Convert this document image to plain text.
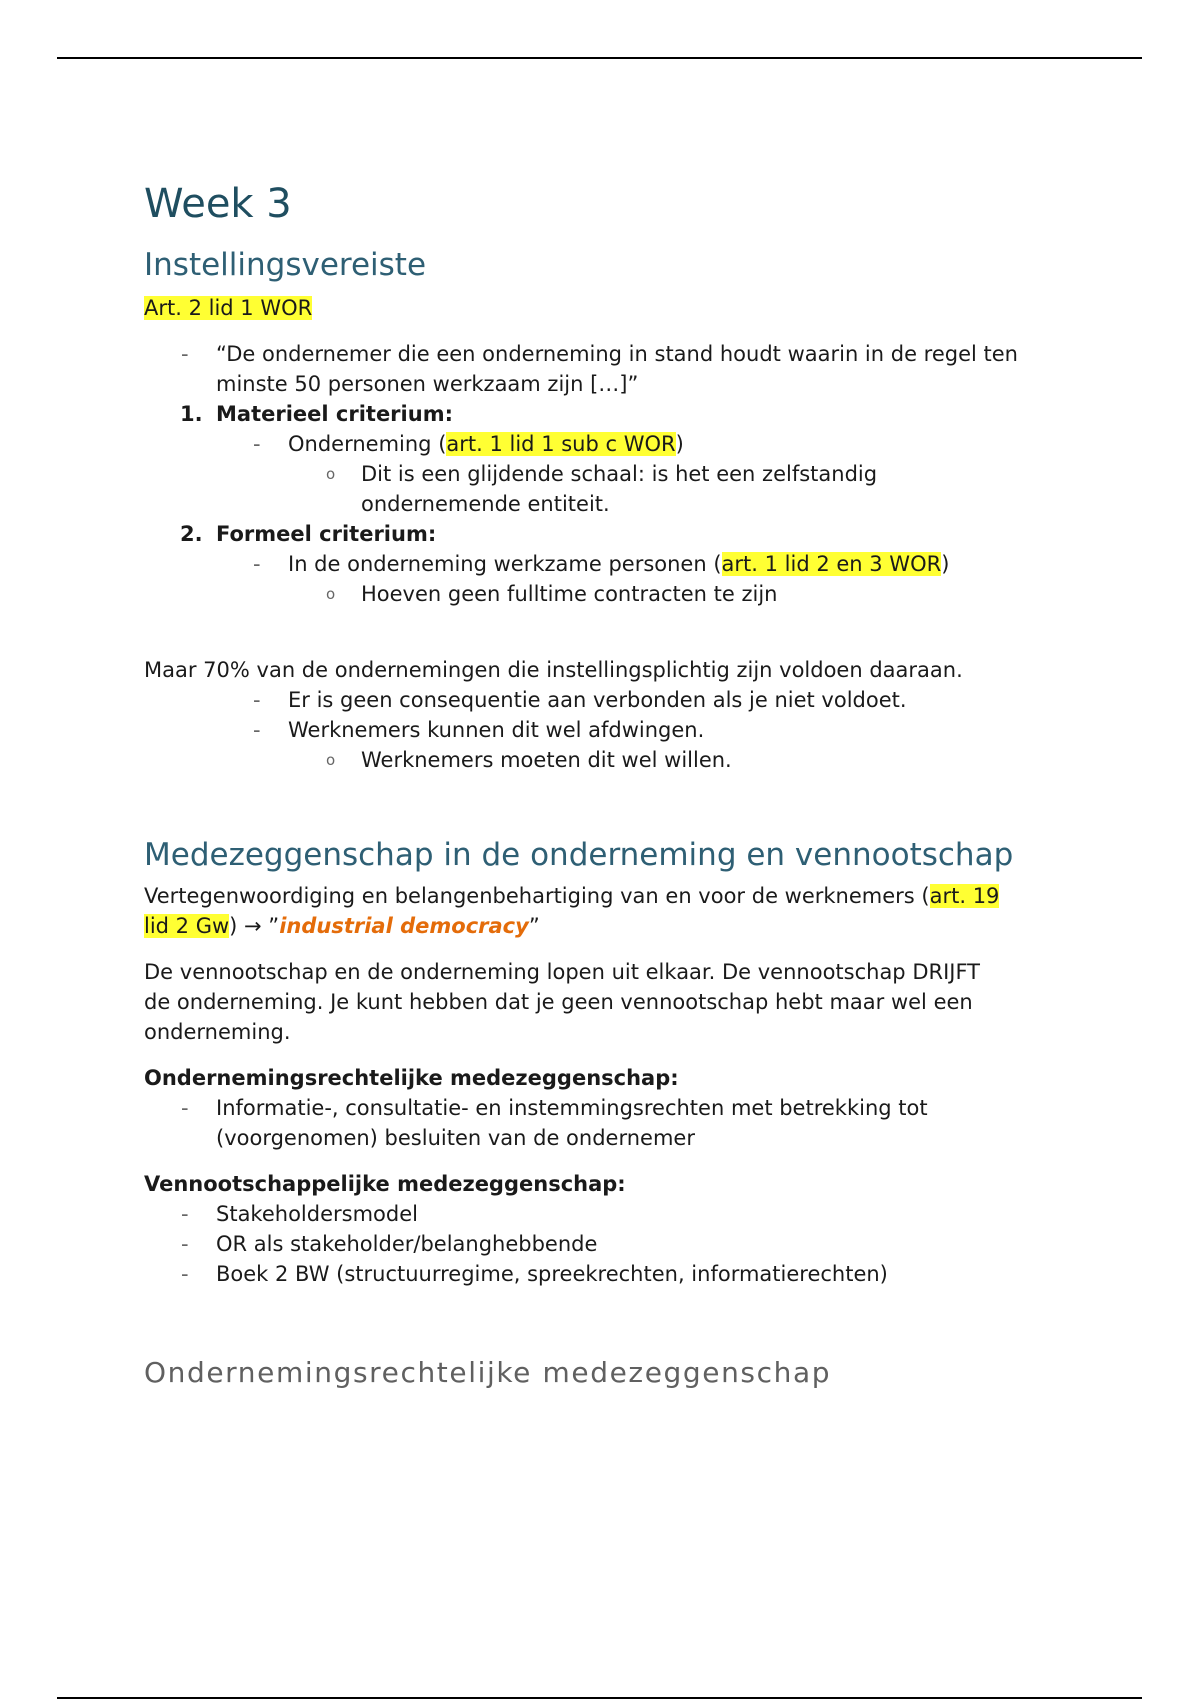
Week 3
Instellingsvereiste

Art. 2 lid 1 WOR

- “De ondernemer die een onderneming in stand houdt waarin in de regel ten minste 50 personen werkzaam zijn […]”
1. Materieel criterium:
- Onderneming (art. 1 lid 1 sub c WOR)
o Dit is een glijdende schaal: is het een zelfstandig
ondernemende entiteit.
2. Formeel criterium:
- In de onderneming werkzame personen (art. 1 lid 2 en 3 WOR)
o Hoeven geen fulltime contracten te zijn

Maar 70% van de ondernemingen die instellingsplichtig zijn voldoen daaraan.

- Er is geen consequentie aan verbonden als je niet voldoet.
- Werknemers kunnen dit wel afdwingen.
o Werknemers moeten dit wel willen.
Medezeggenschap in de onderneming en vennootschap

Vertegenwoordiging en belangenbehartiging van en voor de werknemers (art. 19
lid 2 Gw) → ”industrial democracy”

De vennootschap en de onderneming lopen uit elkaar. De vennootschap DRIJFT
de onderneming. Je kunt hebben dat je geen vennootschap hebt maar wel een
onderneming.

Ondernemingsrechtelijke medezeggenschap:

- Informatie-, consultatie- en instemmingsrechten met betrekking tot
(voorgenomen) besluiten van de ondernemer

Vennootschappelijke medezeggenschap:

- Stakeholdersmodel
- OR als stakeholder/belanghebbende
- Boek 2 BW (structuurregime, spreekrechten, informatierechten)
Ondernemingsrechtelijke medezeggenschap
